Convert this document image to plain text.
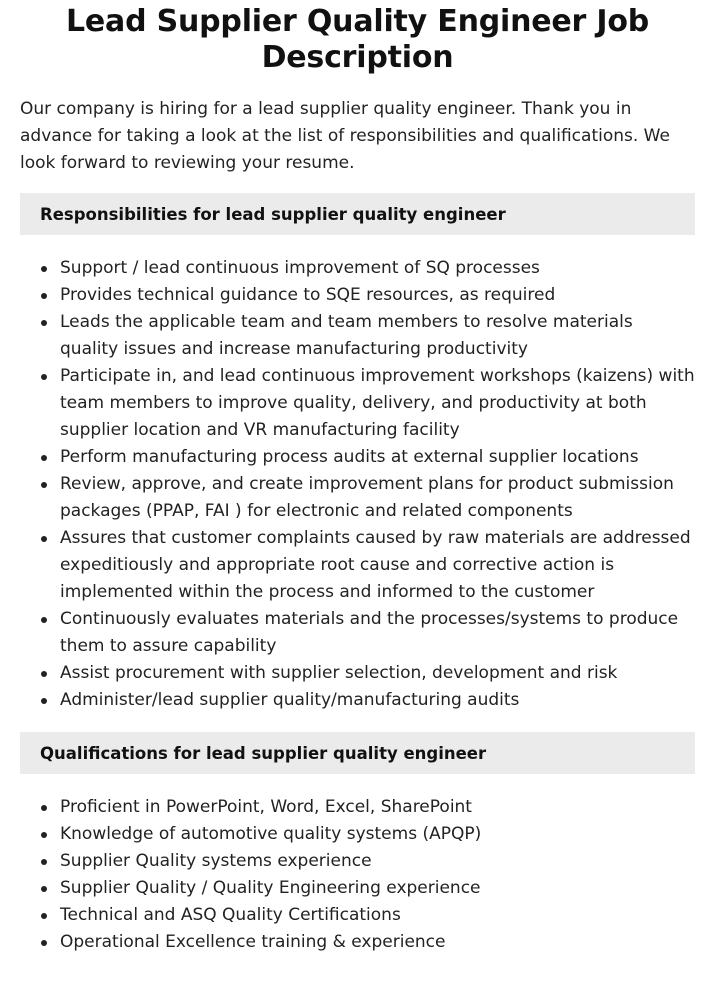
Lead Supplier Quality Engineer Job Description

Our company is hiring for a lead supplier quality engineer. Thank you in advance for taking a look at the list of responsibilities and qualifications. We look forward to reviewing your resume.

Responsibilities for lead supplier quality engineer
Support / lead continuous improvement of SQ processes
Provides technical guidance to SQE resources, as required
Leads the applicable team and team members to resolve materials quality issues and increase manufacturing productivity
Participate in, and lead continuous improvement workshops (kaizens) with team members to improve quality, delivery, and productivity at both supplier location and VR manufacturing facility
Perform manufacturing process audits at external supplier locations
Review, approve, and create improvement plans for product submission packages (PPAP, FAI ) for electronic and related components
Assures that customer complaints caused by raw materials are addressed expeditiously and appropriate root cause and corrective action is implemented within the process and informed to the customer
Continuously evaluates materials and the processes/systems to produce them to assure capability
Assist procurement with supplier selection, development and risk
Administer/lead supplier quality/manufacturing audits
Qualifications for lead supplier quality engineer
Proficient in PowerPoint, Word, Excel, SharePoint
Knowledge of automotive quality systems (APQP)
Supplier Quality systems experience
Supplier Quality / Quality Engineering experience
Technical and ASQ Quality Certifications
Operational Excellence training & experience
